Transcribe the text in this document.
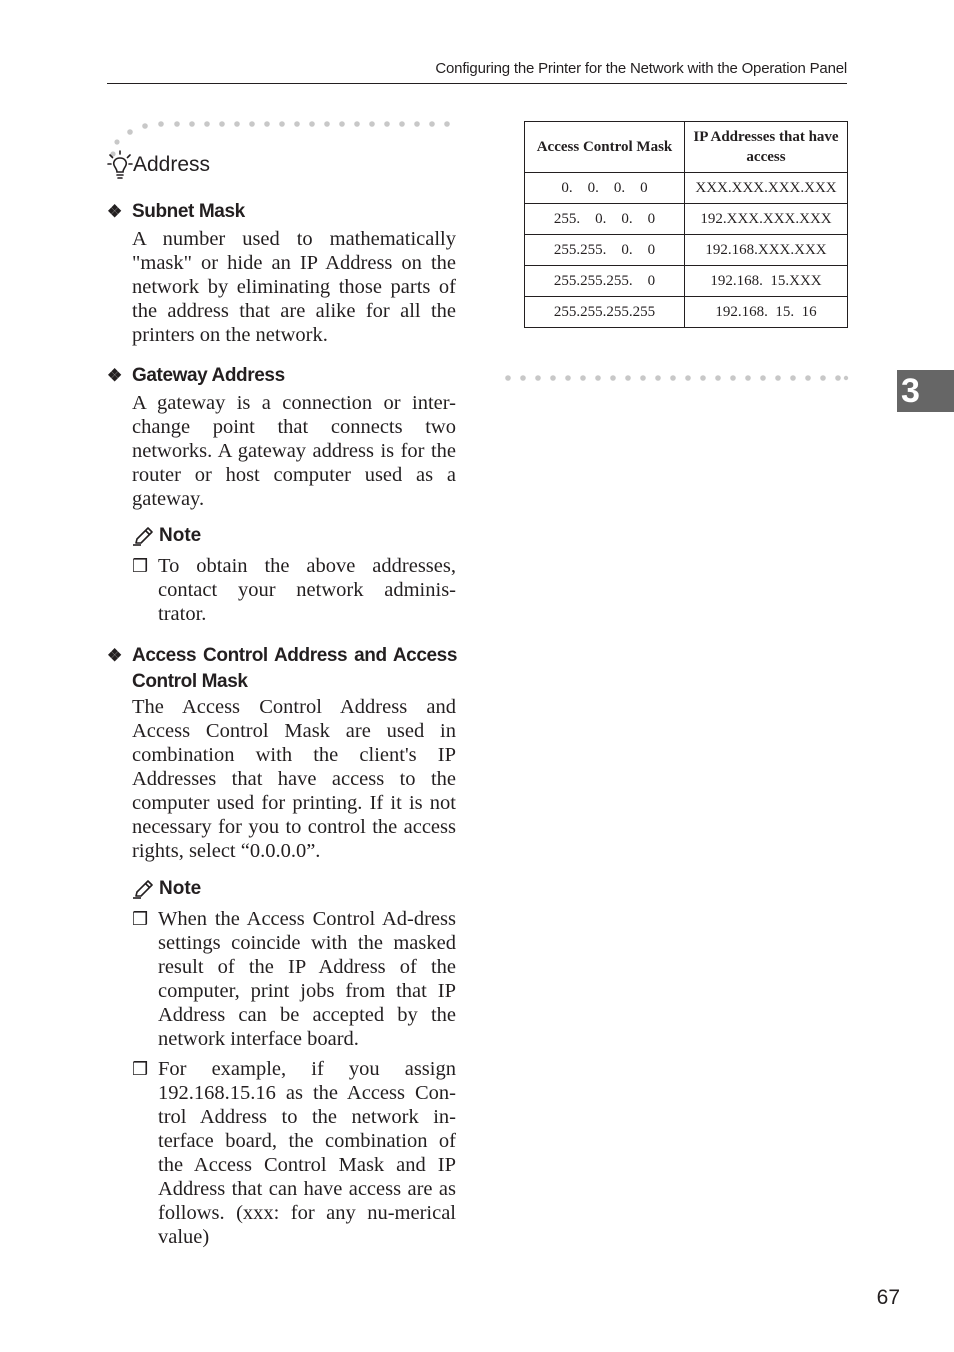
Configuring the Printer for the Network with the Operation Panel
Address
❖ Subnet Mask
A number used to mathematically "mask" or hide an IP Address on the network by eliminating those parts of the address that are alike for all the printers on the network.
❖ Gateway Address
A gateway is a connection or inter-change point that connects two networks. A gateway address is for the router or host computer used as a gateway.
Note
❒ To obtain the above addresses, contact your network adminis-trator.
❖ Access Control Address and Access Control Mask
The Access Control Address and Access Control Mask are used in combination with the client's IP Addresses that have access to the computer used for printing. If it is not necessary for you to control the access rights, select “0.0.0.0”.
Note
❒ When the Access Control Ad-dress settings coincide with the masked result of the IP Address of the computer, print jobs from that IP Address can be accepted by the network interface board.
❒ For example, if you assign 192.168.15.16 as the Access Con-trol Address to the network in-terface board, the combination of the Access Control Mask and IP Address that can have access are as follows. (xxx: for any nu-merical value)
Access Control Mask	IP Addresses that have access
0.    0.    0.    0	XXX.XXX.XXX.XXX
255.    0.    0.    0	192.XXX.XXX.XXX
255.255.    0.    0	192.168.XXX.XXX
255.255.255.    0	192.168.  15.XXX
255.255.255.255	192.168.  15.  16
3
67
